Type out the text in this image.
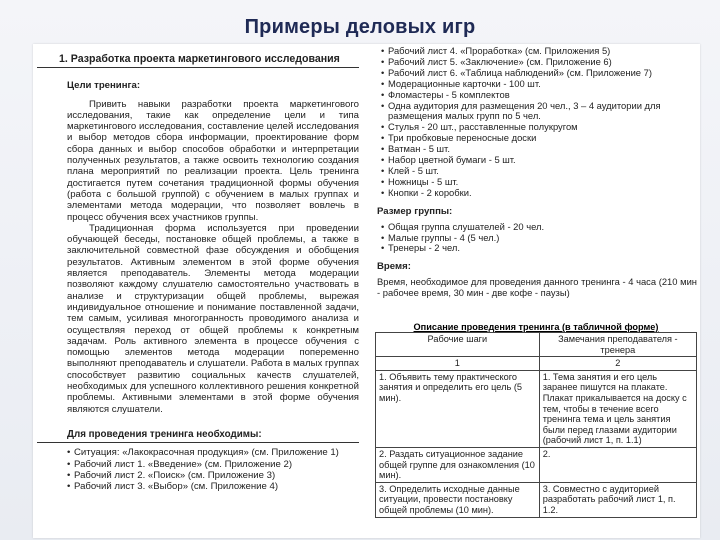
Примеры деловых игр
1. Разработка проекта маркетингового исследования
Цели тренинга:

Привить навыки разработки проекта маркетингового исследования, такие как определение цели и типа маркетингового исследования, составление целей исследования и выбор методов сбора информации, проектирование форм сбора данных и выбор способов обработки и интерпретации полученных результатов, а также освоить технологию создания плана мероприятий по реализации проекта. Цель тренинга достигается путем сочетания традиционной формы обучения (работа с большой группой) с обучением в малых группах и элементами метода модерации, что позволяет вовлечь в процесс обучения всех участников группы.

Традиционная форма используется при проведении обучающей беседы, постановке общей проблемы, а также в заключительной совместной фазе обсуждения и обобщения результатов. Активным элементом в этой форме обучения является преподаватель. Элементы метода модерации позволяют каждому слушателю самостоятельно участвовать в анализе и структуризации общей проблемы, вырежая индивидуальное отношение и понимание поставленной задачи, тем самым, усиливая многогранность проводимого анализа и осуществляя переход от общей проблемы к конкретным задачам. Роль активного элемента в процессе обучения с помощью элементов метода модерации попеременно выполняют преподаватель и слушатели. Работа в малых группах способствует развитию социальных качеств слушателей, необходимых для успешного коллективного решения конкретной проблемы. Активными элементами в этой форме обучения являются слушатели.

Для проведения тренинга необходимы:
• Ситуация: «Лакокрасочная продукция» (см. Приложение 1)
• Рабочий лист 1. «Введение» (см. Приложение 2)
• Рабочий лист 2. «Поиск» (см. Приложение 3)
• Рабочий лист 3. «Выбор» (см. Приложение 4)
• Рабочий лист 4. «Проработка» (см. Приложения 5)
• Рабочий лист 5. «Заключение» (см. Приложение 6)
• Рабочий лист 6. «Таблица наблюдений» (см. Приложение 7)
• Модерационные карточки - 100 шт.
• Фломастеры - 5 комплектов
• Одна аудитория для размещения 20 чел., 3 – 4 аудитории для размещения малых групп по 5 чел.
• Стулья - 20 шт., расставленные полукругом
• Три пробковые переносные доски
• Ватман - 5 шт.
• Набор цветной бумаги - 5 шт.
• Клей - 5 шт.
• Ножницы - 5 шт.
• Кнопки - 2 коробки.
Размер группы:
• Общая группа слушателей - 20 чел.
• Малые группы - 4 (5 чел.)
• Тренеры - 2 чел.
Время:
Время, необходимое для проведения данного тренинга - 4 часа (210 мин - рабочее время, 30 мин - две кофе - паузы)
Описание проведения тренинга (в табличной форме)
Рабочие шаги	Замечания преподавателя - тренера
1	2
1. Объявить тему практического занятия и определить его цель (5 мин).	1. Тема занятия и его цель заранее пишутся на плакате. Плакат прикалывается на доску с тем, чтобы в течение всего тренинга тема и цель занятия были перед глазами аудитории (рабочий лист 1, п. 1.1)
2. Раздать ситуационное задание общей группе для ознакомления (10 мин).	2.
3. Определить исходные данные ситуации, провести постановку общей проблемы (10 мин).	3. Совместно с аудиторией разработать рабочий лист 1, п. 1.2.
